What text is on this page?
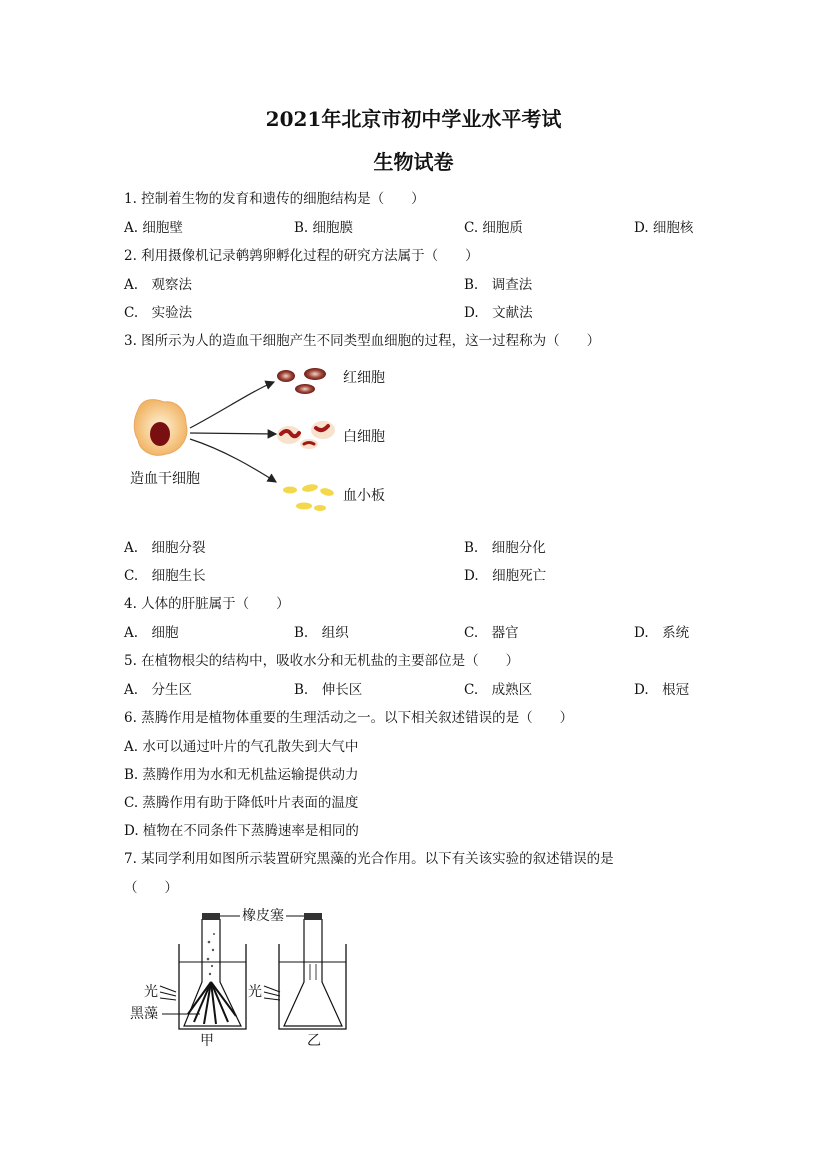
2021年北京市初中学业水平考试
生物试卷
1. 控制着生物的发育和遗传的细胞结构是（　　）
A. 细胞壁	B. 细胞膜	C. 细胞质	D. 细胞核
2. 利用摄像机记录鹌鹑卵孵化过程的研究方法属于（　　）
A.　观察法	B.　调查法
C.　实验法	D.　文献法
3. 图所示为人的造血干细胞产生不同类型血细胞的过程，这一过程称为（　　）
红细胞
白细胞
血小板
造血干细胞
A.　细胞分裂	B.　细胞分化
C.　细胞生长	D.　细胞死亡
4. 人体的肝脏属于（　　）
A.　细胞	B.　组织	C.　器官	D.　系统
5. 在植物根尖的结构中，吸收水分和无机盐的主要部位是（　　）
A.　分生区	B.　伸长区	C.　成熟区	D.　根冠
6. 蒸腾作用是植物体重要的生理活动之一。以下相关叙述错误的是（　　）
A. 水可以通过叶片的气孔散失到大气中
B. 蒸腾作用为水和无机盐运输提供动力
C. 蒸腾作用有助于降低叶片表面的温度
D. 植物在不同条件下蒸腾速率是相同的
7. 某同学利用如图所示装置研究黑藻的光合作用。以下有关该实验的叙述错误的是
（　　）
橡皮塞
光
黑藻
甲
光
乙
